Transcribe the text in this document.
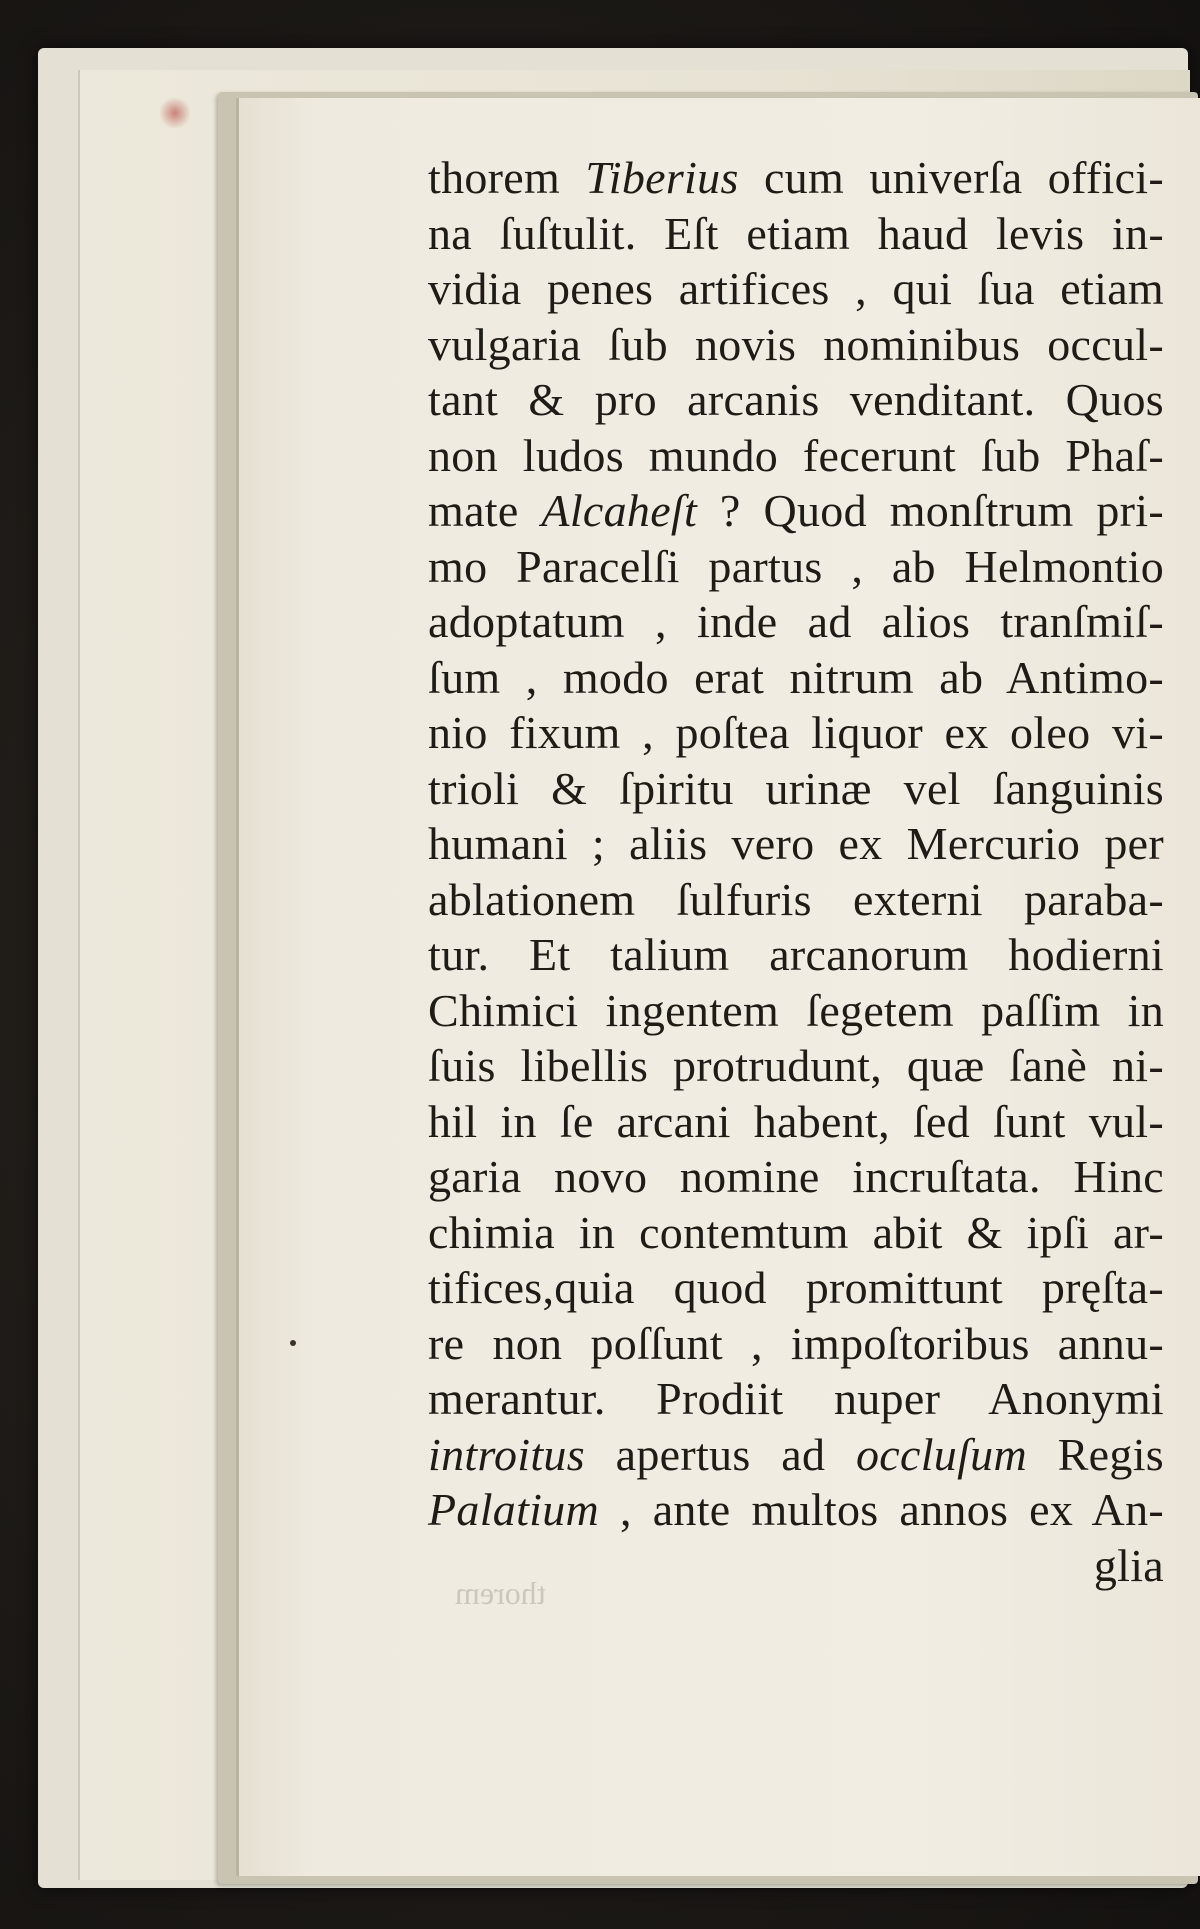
thorem
thorem Tiberius cum univerſa offici-
na ſuſtulit. Eſt etiam haud levis in-
vidia penes artifices , qui ſua etiam
vulgaria ſub novis nominibus occul-
tant & pro arcanis venditant. Quos
non ludos mundo fecerunt ſub Phaſ-
mate Alcaheſt ? Quod monſtrum pri-
mo Paracelſi partus , ab Helmontio
adoptatum , inde ad alios tranſmiſ-
ſum , modo erat nitrum ab Antimo-
nio fixum , poſtea liquor ex oleo vi-
trioli & ſpiritu urinæ vel ſanguinis
humani ; aliis vero ex Mercurio per
ablationem ſulfuris externi paraba-
tur. Et talium arcanorum hodierni
Chimici ingentem ſegetem paſſim in
ſuis libellis protrudunt, quæ ſanè ni-
hil in ſe arcani habent, ſed ſunt vul-
garia novo nomine incruſtata. Hinc
chimia in contemtum abit & ipſi ar-
tifices,quia quod promittunt pręſta-
re non poſſunt , impoſtoribus annu-
merantur. Prodiit nuper Anonymi
introitus apertus ad occluſum Regis
Palatium , ante multos annos ex An-
glia
